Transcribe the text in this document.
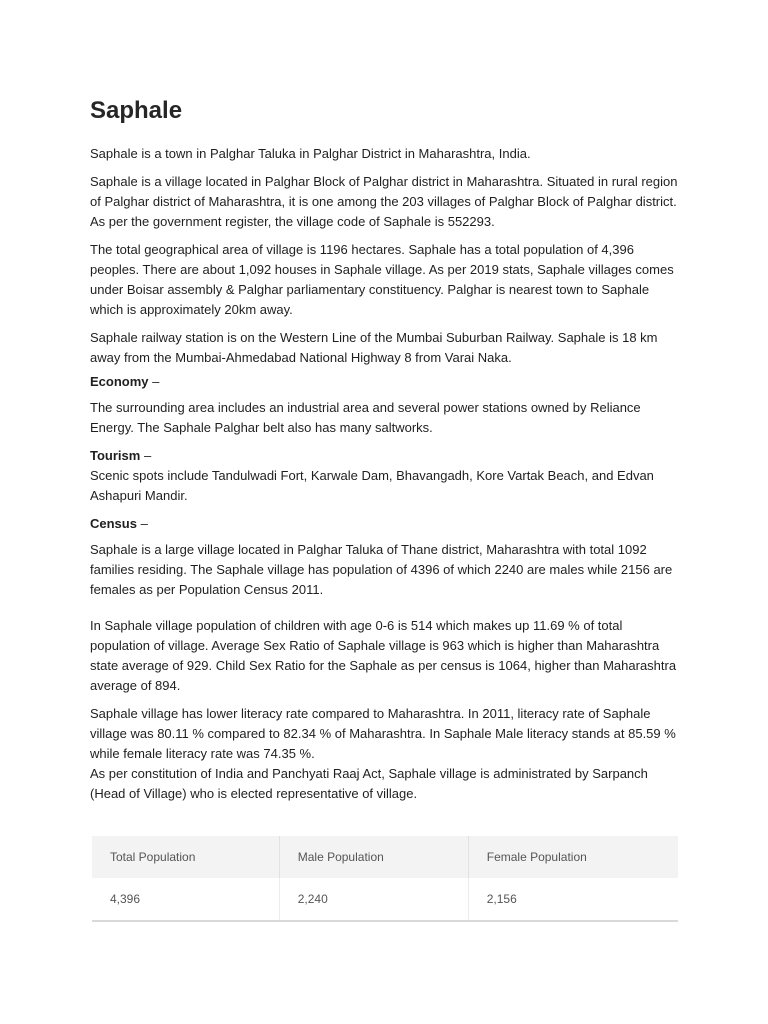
Saphale

Saphale is a town in Palghar Taluka in Palghar District in Maharashtra, India.

Saphale is a village located in Palghar Block of Palghar district in Maharashtra. Situated in rural region of Palghar district of Maharashtra, it is one among the 203 villages of Palghar Block of Palghar district. As per the government register, the village code of Saphale is 552293.

The total geographical area of village is 1196 hectares. Saphale has a total population of 4,396 peoples. There are about 1,092 houses in Saphale village. As per 2019 stats, Saphale villages comes under Boisar assembly & Palghar parliamentary constituency. Palghar is nearest town to Saphale which is approximately 20km away.

Saphale railway station is on the Western Line of the Mumbai Suburban Railway. Saphale is 18 km away from the Mumbai-Ahmedabad National Highway 8 from Varai Naka.

Economy –

The surrounding area includes an industrial area and several power stations owned by Reliance Energy. The Saphale Palghar belt also has many saltworks.

Tourism –

Scenic spots include Tandulwadi Fort, Karwale Dam, Bhavangadh, Kore Vartak Beach, and Edvan Ashapuri Mandir.

Census –

Saphale is a large village located in Palghar Taluka of Thane district, Maharashtra with total 1092 families residing. The Saphale village has population of 4396 of which 2240 are males while 2156 are females as per Population Census 2011.

In Saphale village population of children with age 0-6 is 514 which makes up 11.69 % of total population of village. Average Sex Ratio of Saphale village is 963 which is higher than Maharashtra state average of 929. Child Sex Ratio for the Saphale as per census is 1064, higher than Maharashtra average of 894.

Saphale village has lower literacy rate compared to Maharashtra. In 2011, literacy rate of Saphale village was 80.11 % compared to 82.34 % of Maharashtra. In Saphale Male literacy stands at 85.59 % while female literacy rate was 74.35 %.

As per constitution of India and Panchyati Raaj Act, Saphale village is administrated by Sarpanch (Head of Village) who is elected representative of village.

Total Population	Male Population	Female Population
4,396	2,240	2,156
